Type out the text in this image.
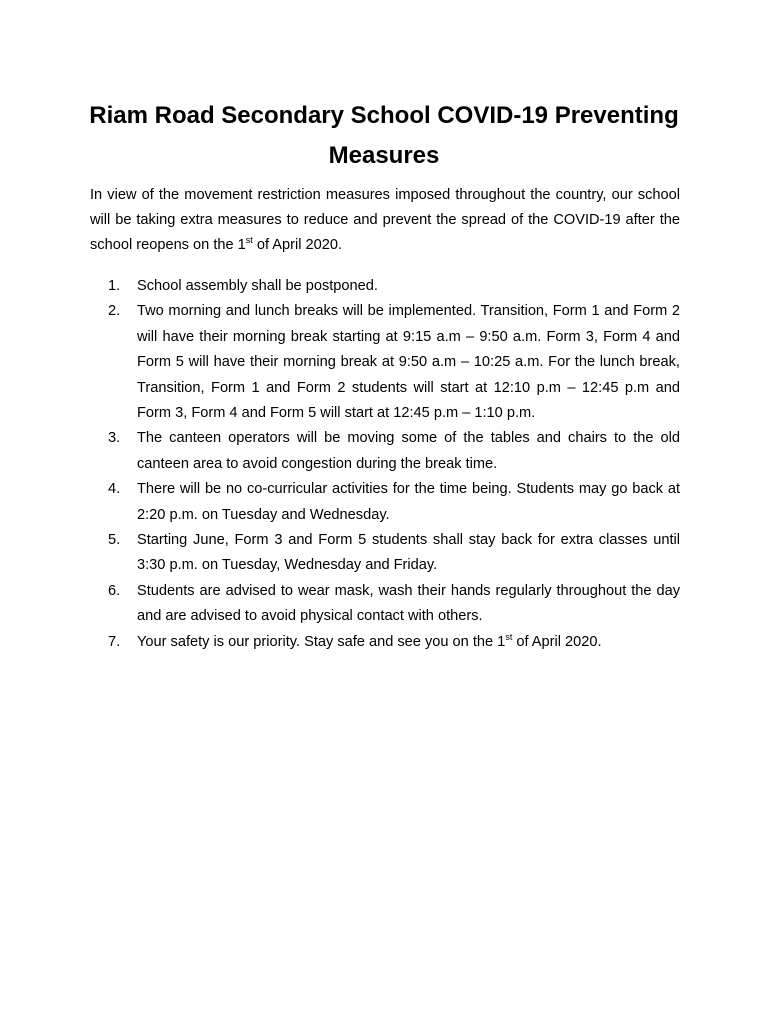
Riam Road Secondary School COVID-19 Preventing Measures

In view of the movement restriction measures imposed throughout the country, our school will be taking extra measures to reduce and prevent the spread of the COVID-19 after the school reopens on the 1st of April 2020.

1. School assembly shall be postponed.
2. Two morning and lunch breaks will be implemented. Transition, Form 1 and Form 2 will have their morning break starting at 9:15 a.m – 9:50 a.m. Form 3, Form 4 and Form 5 will have their morning break at 9:50 a.m – 10:25 a.m. For the lunch break, Transition, Form 1 and Form 2 students will start at 12:10 p.m – 12:45 p.m and Form 3, Form 4 and Form 5 will start at 12:45 p.m – 1:10 p.m.
3. The canteen operators will be moving some of the tables and chairs to the old canteen area to avoid congestion during the break time.
4. There will be no co-curricular activities for the time being. Students may go back at 2:20 p.m. on Tuesday and Wednesday.
5. Starting June, Form 3 and Form 5 students shall stay back for extra classes until 3:30 p.m. on Tuesday, Wednesday and Friday.
6. Students are advised to wear mask, wash their hands regularly throughout the day and are advised to avoid physical contact with others.
7. Your safety is our priority. Stay safe and see you on the 1st of April 2020.
